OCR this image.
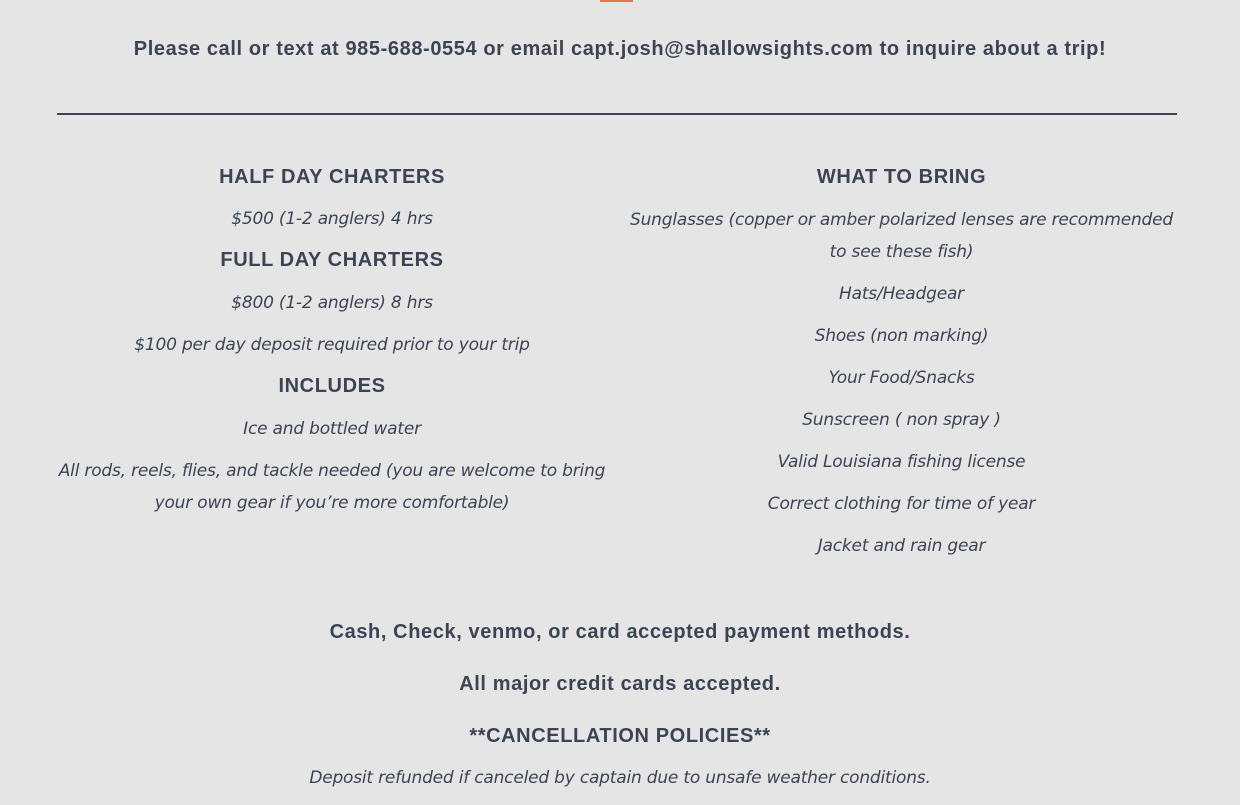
Please call or text at 985-688-0554 or email capt.josh@shallowsights.com to inquire about a trip!
HALF DAY CHARTERS
$500 (1-2 anglers) 4 hrs
FULL DAY CHARTERS
$800 (1-2 anglers) 8 hrs
$100 per day deposit required prior to your trip
INCLUDES
Ice and bottled water
All rods, reels, flies, and tackle needed (you are welcome to bring your own gear if you’re more comfortable)
WHAT TO BRING
Sunglasses (copper or amber polarized lenses are recommended to see these fish)
Hats/Headgear
Shoes (non marking)
Your Food/Snacks
Sunscreen ( non spray )
Valid Louisiana fishing license
Correct clothing for time of year
Jacket and rain gear
Cash, Check, venmo, or card accepted payment methods.
All major credit cards accepted.
**CANCELLATION POLICIES**
Deposit refunded if canceled by captain due to unsafe weather conditions.
